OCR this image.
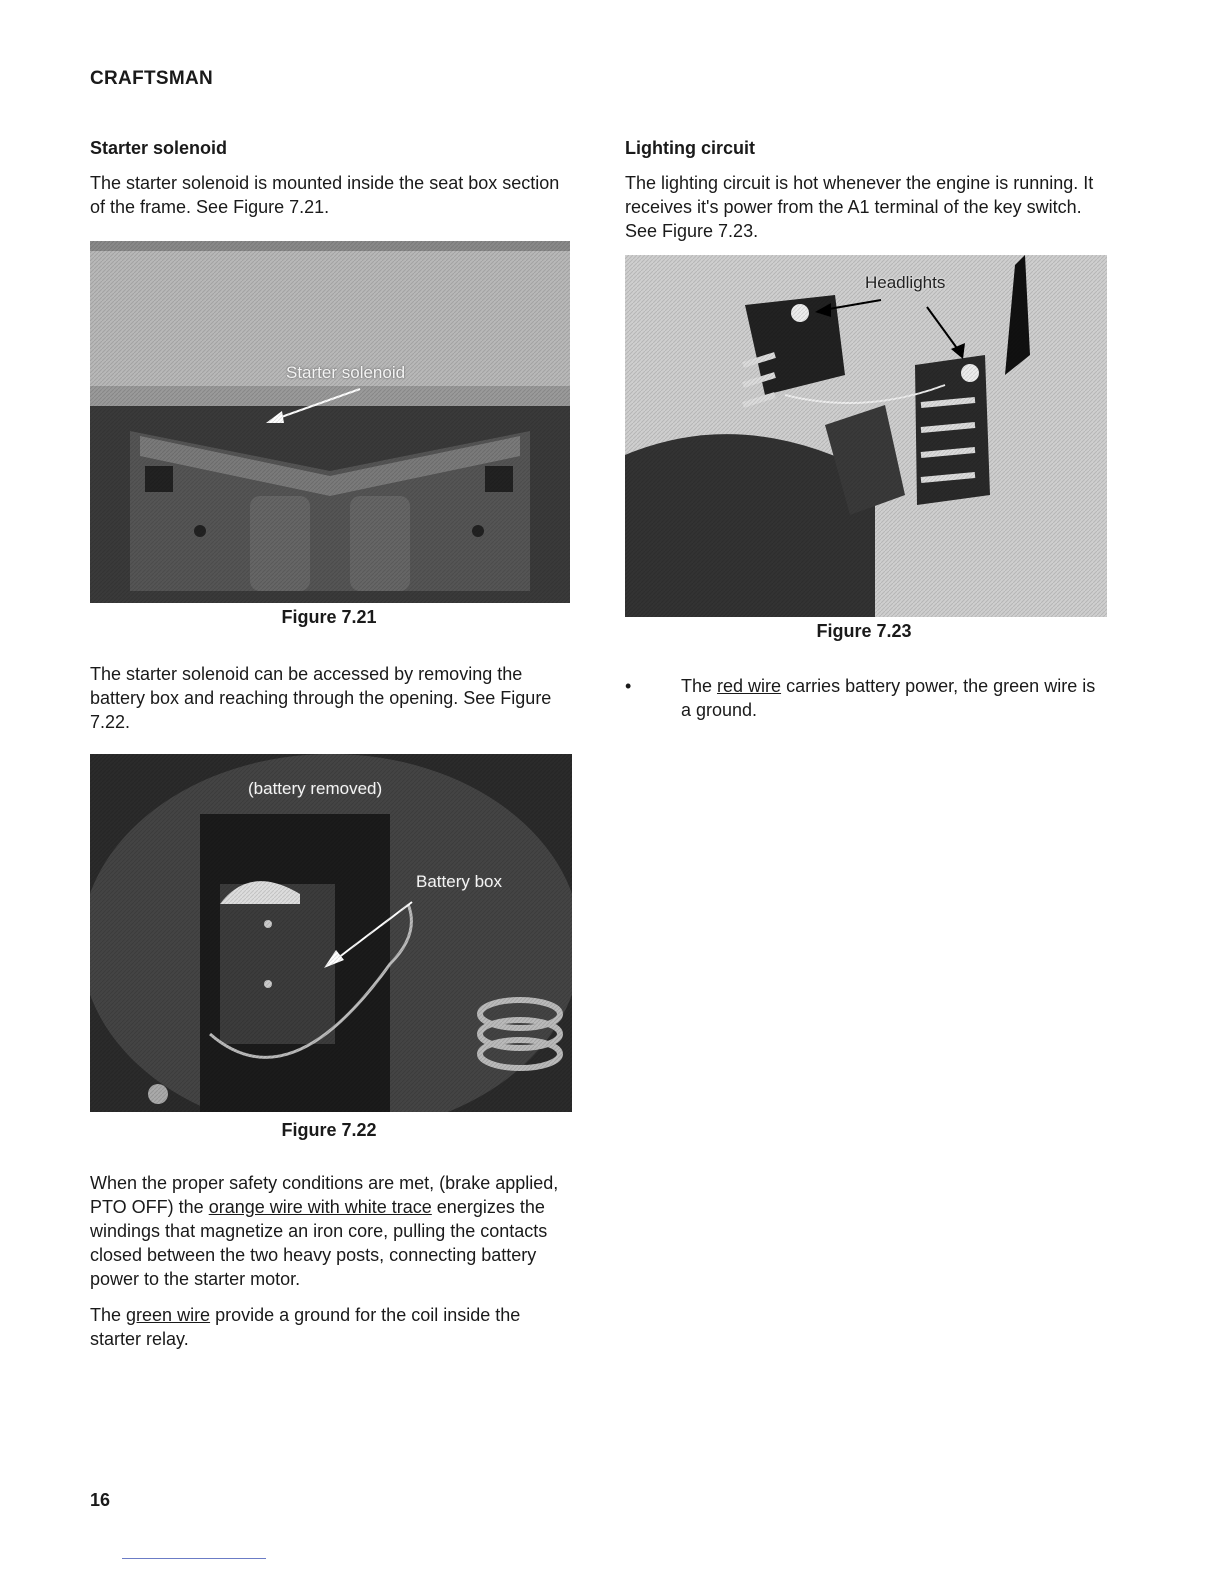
CRAFTSMAN
Starter solenoid

The starter solenoid is mounted inside the seat box section of the frame. See Figure 7.21.

Starter solenoid
Figure 7.21

The starter solenoid can be accessed by removing the battery box and reaching through the opening. See Figure 7.22.

(battery removed)
Battery box
Figure 7.22

When the proper safety conditions are met, (brake applied, PTO OFF) the orange wire with white trace energizes the windings that magnetize an iron core, pulling the contacts closed between the two heavy posts, connecting battery power to the starter motor.

The green wire provide a ground for the coil inside the starter relay.

Lighting circuit

The lighting circuit is hot whenever the engine is running. It receives it's power from the A1 terminal of the key switch. See Figure 7.23.

Headlights
Figure 7.23
•	The red wire carries battery power, the green wire is a ground.
16
